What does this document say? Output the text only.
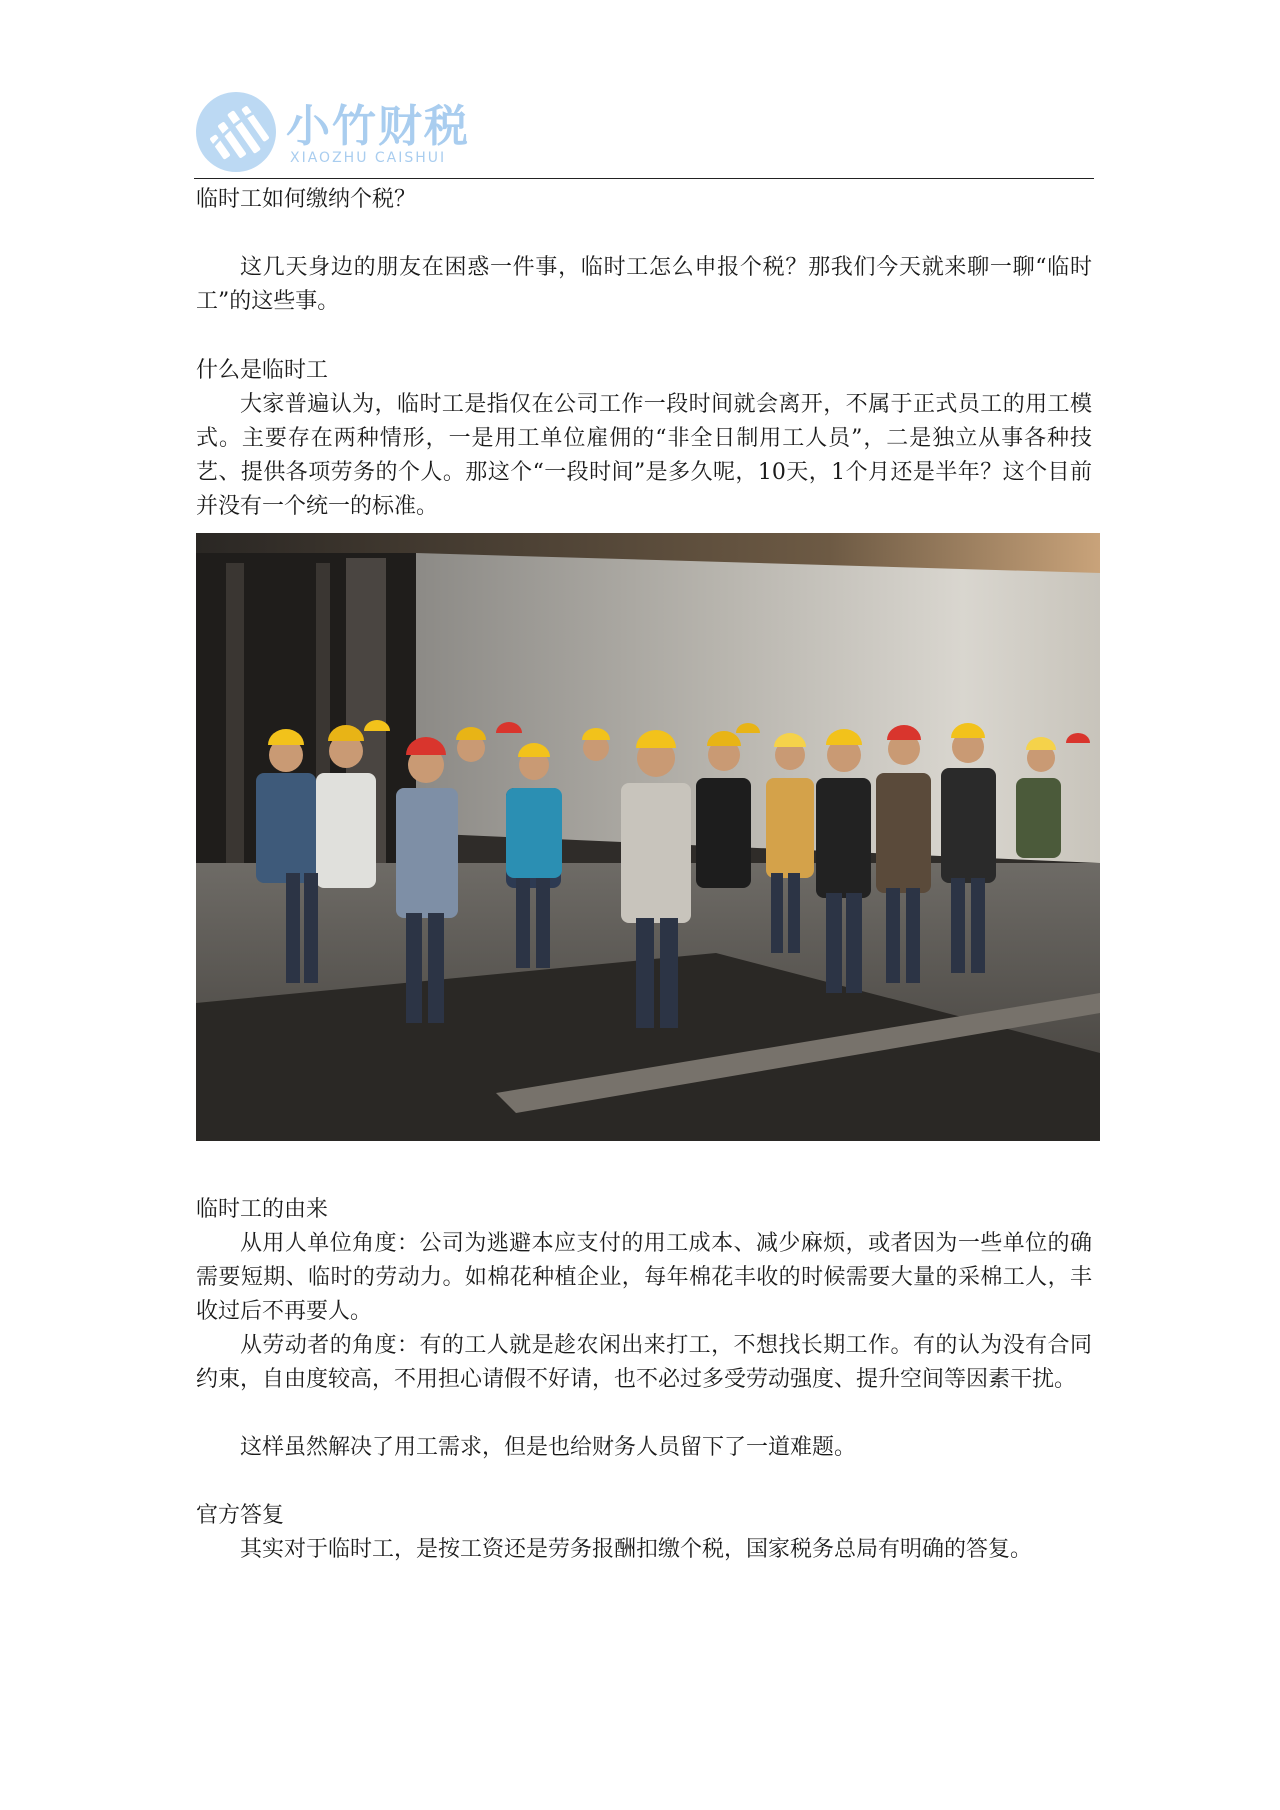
小竹财税
XIAOZHU CAISHUI
临时工如何缴纳个税？
这几天身边的朋友在困惑一件事，临时工怎么申报个税？那我们今天就来聊一聊“临时工”的这些事。
什么是临时工
大家普遍认为，临时工是指仅在公司工作一段时间就会离开，不属于正式员工的用工模式。主要存在两种情形，一是用工单位雇佣的“非全日制用工人员”，二是独立从事各种技艺、提供各项劳务的个人。那这个“一段时间”是多久呢，10天，1个月还是半年？这个目前并没有一个统一的标准。
临时工的由来
从用人单位角度：公司为逃避本应支付的用工成本、减少麻烦，或者因为一些单位的确需要短期、临时的劳动力。如棉花种植企业，每年棉花丰收的时候需要大量的采棉工人，丰收过后不再要人。
从劳动者的角度：有的工人就是趁农闲出来打工，不想找长期工作。有的认为没有合同约束，自由度较高，不用担心请假不好请，也不必过多受劳动强度、提升空间等因素干扰。
这样虽然解决了用工需求，但是也给财务人员留下了一道难题。
官方答复
其实对于临时工，是按工资还是劳务报酬扣缴个税，国家税务总局有明确的答复。
